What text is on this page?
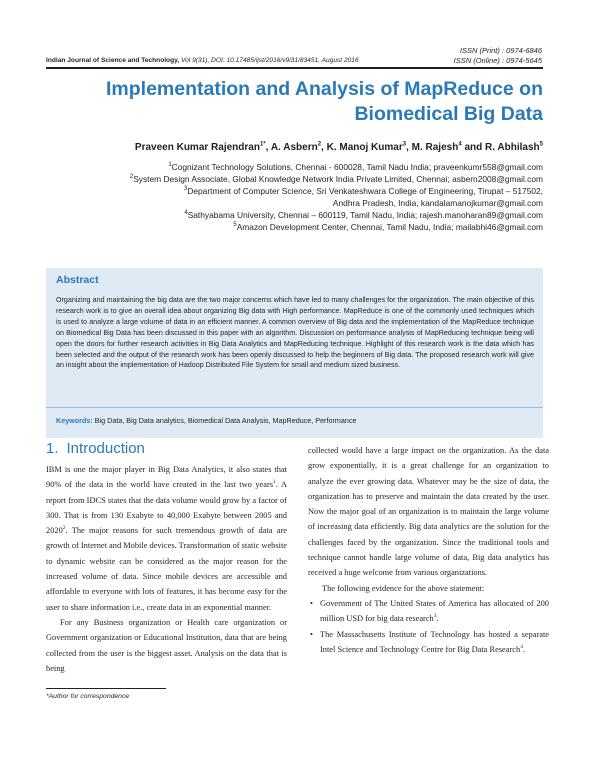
ISSN (Print) : 0974-6846
ISSN (Online) : 0974-5645
Indian Journal of Science and Technology, Vol 9(31), DOI: 10.17485/ijst/2016/v9i31/83451, August 2016
Implementation and Analysis of MapReduce on
Biomedical Big Data
Praveen Kumar Rajendran$^{1*}$, A. Asbern$^2$, K. Manoj Kumar$^3$, M. Rajesh$^4$ and R. Abhilash$^5$
$^1$Cognizant Technology Solutions, Chennai - 600028, Tamil Nadu India; praveenkumr558@gmail.com
$^2$System Design Associate, Global Knowledge Network India Private Limited, Chennai; asbern2008@gmail.com
$^3$Department of Computer Science, Sri Venkateshwara College of Engineering, Tirupat – 517502,
Andhra Pradesh, India, kandalamanojkumar@gmail.com
$^4$Sathyabama University, Chennai – 600119, Tamil Nadu, India; rajesh.manoharan89@gmail.com
$^5$Amazon Development Center, Chennai, Tamil Nadu, India; mailabhi46@gmail.com
Abstract
Organizing and maintaining the big data are the two major concerns which have led to many challenges for the organization. The main objective of this research work is to give an overall idea about organizing Big data with High performance. MapReduce is one of the commonly used techniques which is used to analyze a large volume of data in an efficient manner. A common overview of Big data and the implementation of the MapReduce technique on Biomedical Big Data has been discussed in this paper with an algorithm. Discussion on performance analysis of MapReducing technique being will open the doors for further research activities in Big Data Analytics and MapReducing technique. Highlight of this research work is the data which has been selected and the output of the research work has been openly discussed to help the beginners of Big data. The proposed research work will give an insight about the implementation of Hadoop Distributed File System for small and medium sized business.
Keywords: Big Data, Big Data analytics, Biomedical Data Analysis, MapReduce, Performance
1. Introduction

IBM is one the major player in Big Data Analytics, it also states that 90% of the data in the world have created in the last two years$^1$. A report from IDCS states that the data volume would grow by a factor of 300. That is from 130 Exabyte to 40,000 Exabyte between 2005 and 2020$^2$. The major reasons for such tremendous growth of data are growth of Internet and Mobile devices. Transformation of static website to dynamic website can be considered as the major reason for the increased volume of data. Since mobile devices are accessible and affordable to everyone with lots of features, it has become easy for the user to share information i.e., create data in an exponential manner.

For any Business organization or Health care organization or Government organization or Educational Institution, data that are being collected from the user is the biggest asset. Analysis on the data that is being

collected would have a large impact on the organization. As the data grow exponentially, it is a great challenge for an organization to analyze the ever growing data. Whatever may be the size of data, the organization has to preserve and maintain the data created by the user. Now the major goal of an organization is to maintain the large volume of increasing data efficiently. Big data analytics are the solution for the challenges faced by the organization. Since the traditional tools and technique cannot handle large volume of data, Big data analytics has received a huge welcome from various organizations.

The following evidence for the above statement:

• Government of The United States of America has allocated of 200 million USD for big data research$^3$.
• The Massachusetts Institute of Technology has hosted a separate Intel Science and Technology Centre for Big Data Research$^4$.
*Author for correspondence
